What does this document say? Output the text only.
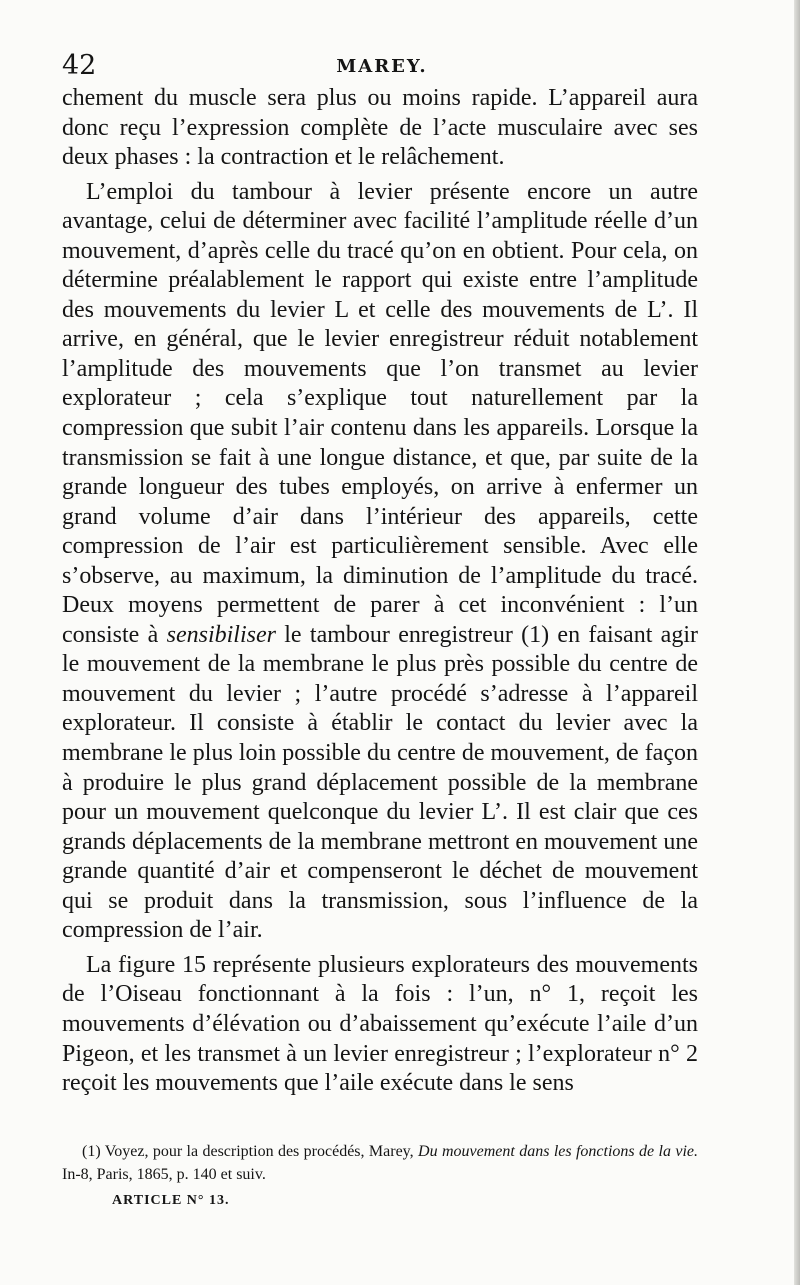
42	MAREY.

chement du muscle sera plus ou moins rapide. L’appareil aura donc reçu l’expression complète de l’acte musculaire avec ses deux phases : la contraction et le relâchement.

L’emploi du tambour à levier présente encore un autre avantage, celui de déterminer avec facilité l’amplitude réelle d’un mouvement, d’après celle du tracé qu’on en obtient. Pour cela, on détermine préalablement le rapport qui existe entre l’amplitude des mouvements du levier L et celle des mouvements de L’. Il arrive, en général, que le levier enregistreur réduit notablement l’amplitude des mouvements que l’on transmet au levier explorateur ; cela s’explique tout naturellement par la compression que subit l’air contenu dans les appareils. Lorsque la transmission se fait à une longue distance, et que, par suite de la grande longueur des tubes employés, on arrive à enfermer un grand volume d’air dans l’intérieur des appareils, cette compression de l’air est particulièrement sensible. Avec elle s’observe, au maximum, la diminution de l’amplitude du tracé. Deux moyens permettent de parer à cet inconvénient : l’un consiste à sensibiliser le tambour enregistreur (1) en faisant agir le mouvement de la membrane le plus près possible du centre de mouvement du levier ; l’autre procédé s’adresse à l’appareil explorateur. Il consiste à établir le contact du levier avec la membrane le plus loin possible du centre de mouvement, de façon à produire le plus grand déplacement possible de la membrane pour un mouvement quelconque du levier L’. Il est clair que ces grands déplacements de la membrane mettront en mouvement une grande quantité d’air et compenseront le déchet de mouvement qui se produit dans la transmission, sous l’influence de la compression de l’air.

La figure 15 représente plusieurs explorateurs des mouvements de l’Oiseau fonctionnant à la fois : l’un, n° 1, reçoit les mouvements d’élévation ou d’abaissement qu’exécute l’aile d’un Pigeon, et les transmet à un levier enregistreur ; l’explorateur n° 2 reçoit les mouvements que l’aile exécute dans le sens

(1) Voyez, pour la description des procédés, Marey, Du mouvement dans les fonctions de la vie. In-8, Paris, 1865, p. 140 et suiv.
ARTICLE N° 13.
